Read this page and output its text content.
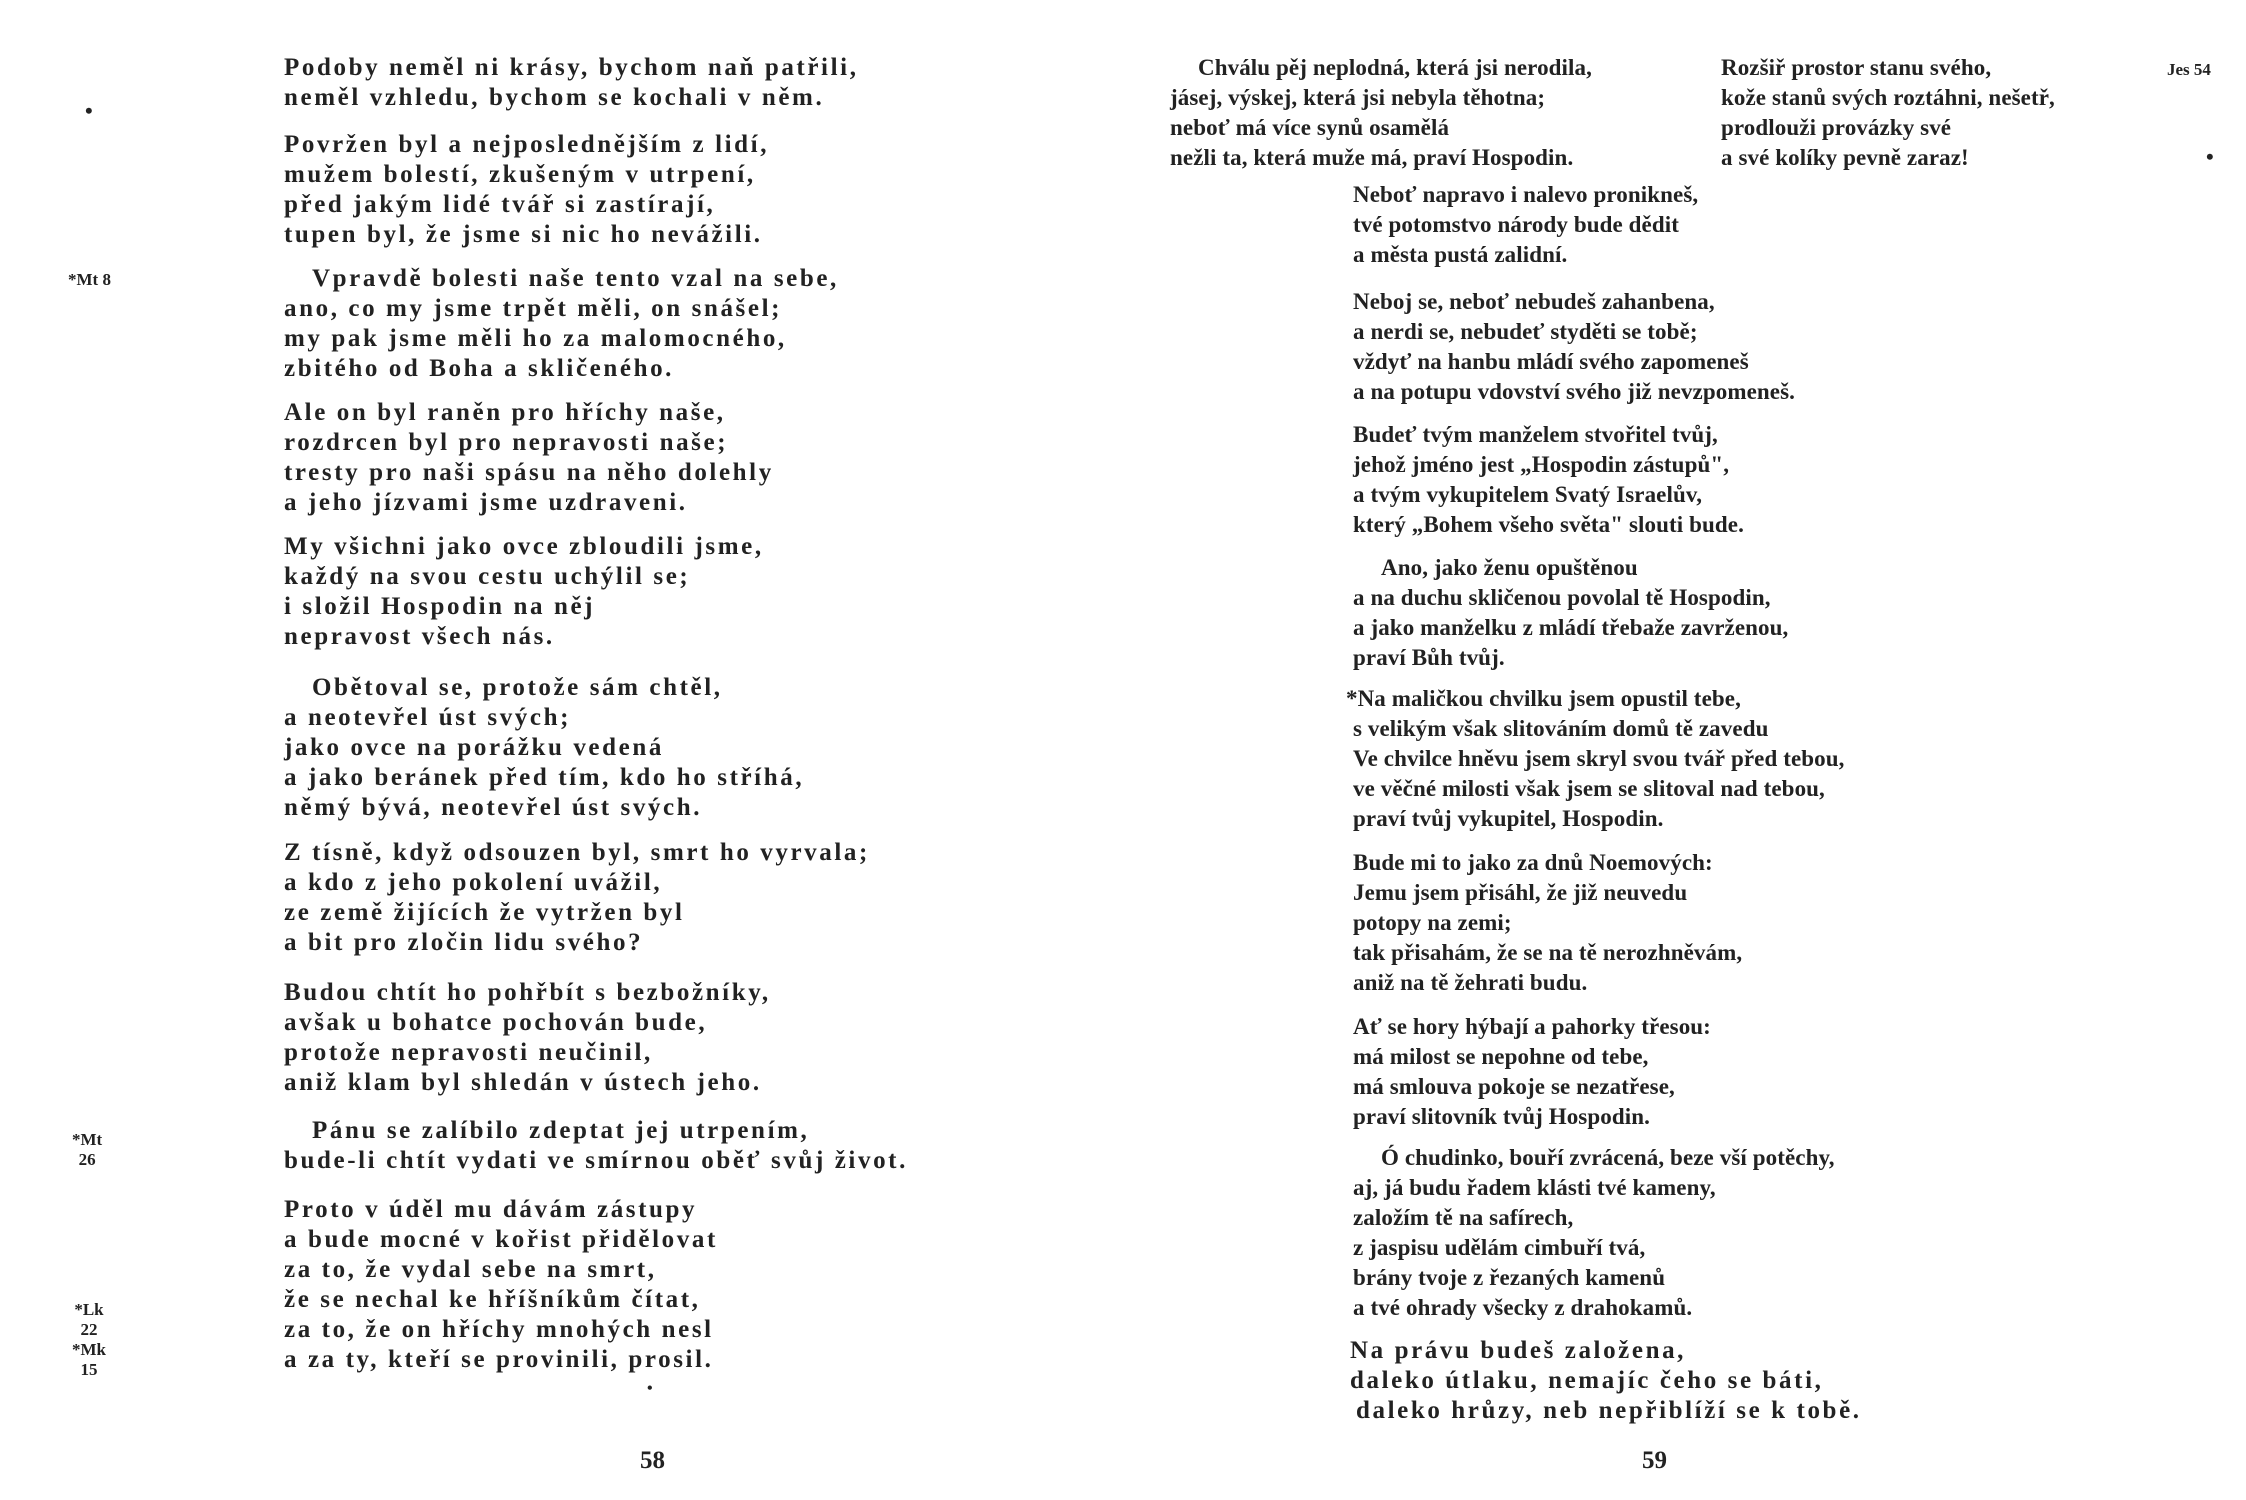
•
*Mt 8
*Mt
26
*Lk
22
*Mk
15
Podoby neměl ni krásy, bychom naň patřili,
neměl vzhledu, bychom se kochali v něm.
Povržen byl a nejposlednějším z lidí,
mužem bolestí, zkušeným v utrpení,
před jakým lidé tvář si zastírají,
tupen byl, že jsme si nic ho nevážili.
Vpravdě bolesti naše tento vzal na sebe,
ano, co my jsme trpět měli, on snášel;
my pak jsme měli ho za malomocného,
zbitého od Boha a skličeného.
Ale on byl raněn pro hříchy naše,
rozdrcen byl pro nepravosti naše;
tresty pro naši spásu na něho dolehly
a jeho jízvami jsme uzdraveni.
My všichni jako ovce zbloudili jsme,
každý na svou cestu uchýlil se;
i složil Hospodin na něj
nepravost všech nás.
Obětoval se, protože sám chtěl,
a neotevřel úst svých;
jako ovce na porážku vedená
a jako beránek před tím, kdo ho stříhá,
němý bývá, neotevřel úst svých.
Z tísně, když odsouzen byl, smrt ho vyrvala;
a kdo z jeho pokolení uvážil,
ze země žijících že vytržen byl
a bit pro zločin lidu svého?
Budou chtít ho pohřbít s bezbožníky,
avšak u bohatce pochován bude,
protože nepravosti neučinil,
aniž klam byl shledán v ústech jeho.
Pánu se zalíbilo zdeptat jej utrpením,
bude-li chtít vydati ve smírnou oběť svůj život.
Proto v úděl mu dávám zástupy
a bude mocné v kořist přidělovat
za to, že vydal sebe na smrt,
že se nechal ke hříšníkům čítat,
za to, že on hříchy mnohých nesl
a za ty, kteří se provinili, prosil.
•
58
Chválu pěj neplodná, která jsi nerodila,
jásej, výskej, která jsi nebyla těhotna;
neboť má více synů osamělá
nežli ta, která muže má, praví Hospodin.
Rozšiř prostor stanu svého,
kože stanů svých roztáhni, nešetř,
prodlouži provázky své
a své kolíky pevně zaraz!
Jes 54
•
Neboť napravo i nalevo proniknеš,
tvé potomstvo národy bude dědit
a města pustá zalidní.
Neboj se, neboť nebudeš zahanbena,
a nerdi se, nebudeť styděti se tobě;
vždyť na hanbu mládí svého zapomeneš
a na potupu vdovství svého již nevzpomeneš.
Budeť tvým manželem stvořitel tvůj,
jehož jméno jest „Hospodin zástupů",
a tvým vykupitelem Svatý Israelův,
který „Bohem všeho světa" slouti bude.
Ano, jako ženu opuštěnou
a na duchu skličenou povolal tě Hospodin,
a jako manželku z mládí třebaže zavrženou,
praví Bůh tvůj.
*Na maličkou chvilku jsem opustil tebe,
s velikým však slitováním domů tě zavedu
Ve chvilce hněvu jsem skryl svou tvář před tebou,
ve věčné milosti však jsem se slitoval nad tebou,
praví tvůj vykupitel, Hospodin.
Bude mi to jako za dnů Noemových:
Jemu jsem přisáhl, že již neuvedu
potopy na zemi;
tak přisahám, že se na tě nerozhněvám,
aniž na tě žehrati budu.
Ať se hory hýbají a pahorky třesou:
má milost se nepohne od tebe,
má smlouva pokoje se nezatřese,
praví slitovník tvůj Hospodin.
Ó chudinko, bouří zvrácená, beze vší potěchy,
aj, já budu řadem klásti tvé kameny,
založím tě na safírech,
z jaspisu udělám cimbuří tvá,
brány tvoje z řezaných kamenů
a tvé ohrady všecky z drahokamů.
Na právu budeš založena,
daleko útlaku, nemajíc čeho se báti,
daleko hrůzy, neb nepřiblíží se k tobě.
59
